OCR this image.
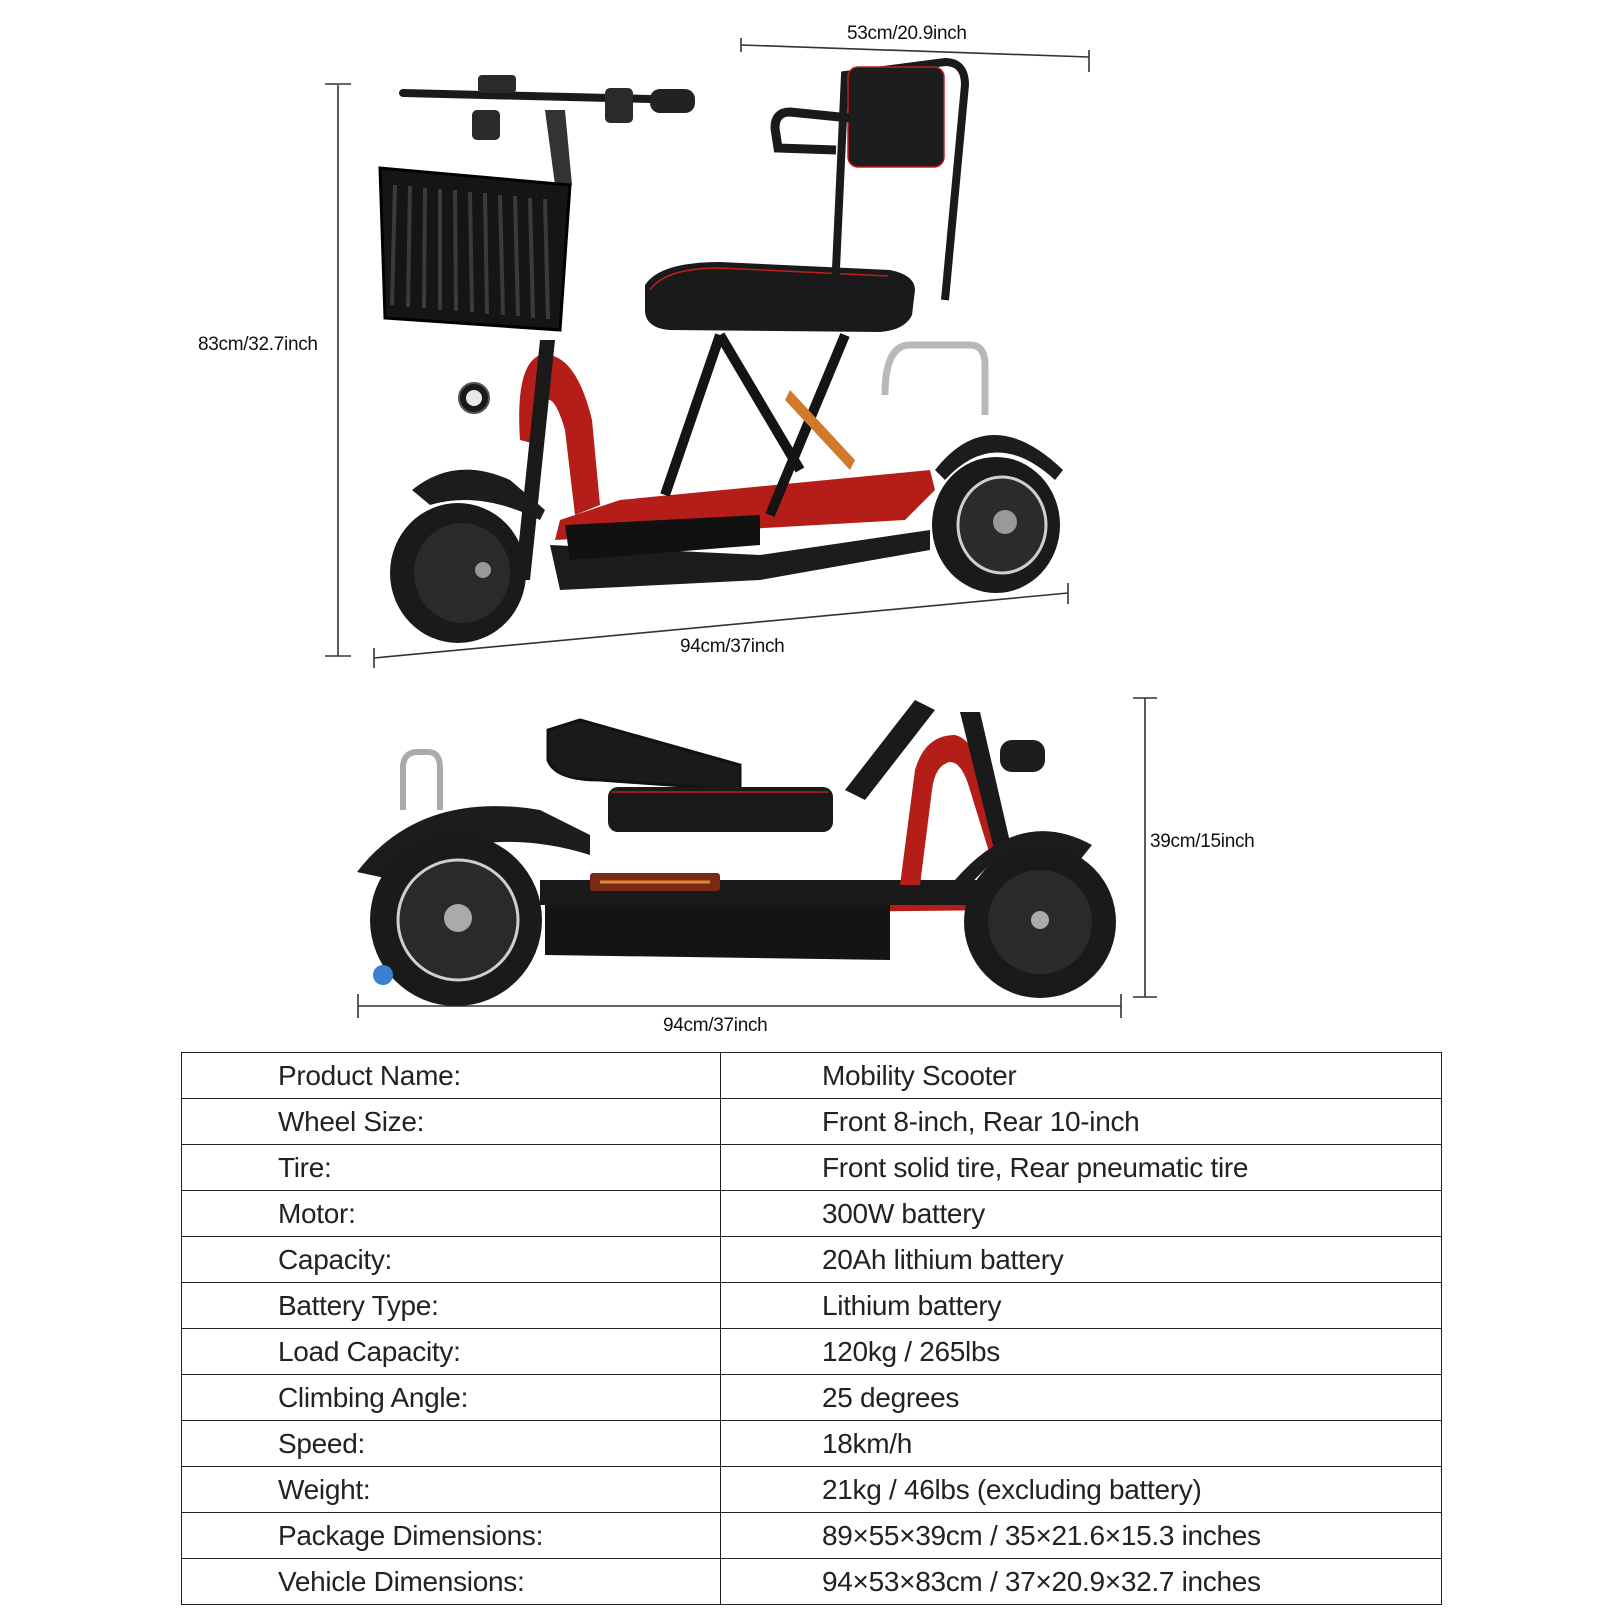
53cm/20.9inch
83cm/32.7inch
94cm/37inch
39cm/15inch
94cm/37inch
Product Name:	Mobility Scooter
Wheel Size:	Front 8-inch, Rear 10-inch
Tire:	Front solid tire, Rear pneumatic tire
Motor:	300W battery
Capacity:	20Ah lithium battery
Battery Type:	Lithium battery
Load Capacity:	120kg / 265lbs
Climbing Angle:	25 degrees
Speed:	18km/h
Weight:	21kg / 46lbs (excluding battery)
Package Dimensions:	89×55×39cm / 35×21.6×15.3 inches
Vehicle Dimensions:	94×53×83cm / 37×20.9×32.7 inches
